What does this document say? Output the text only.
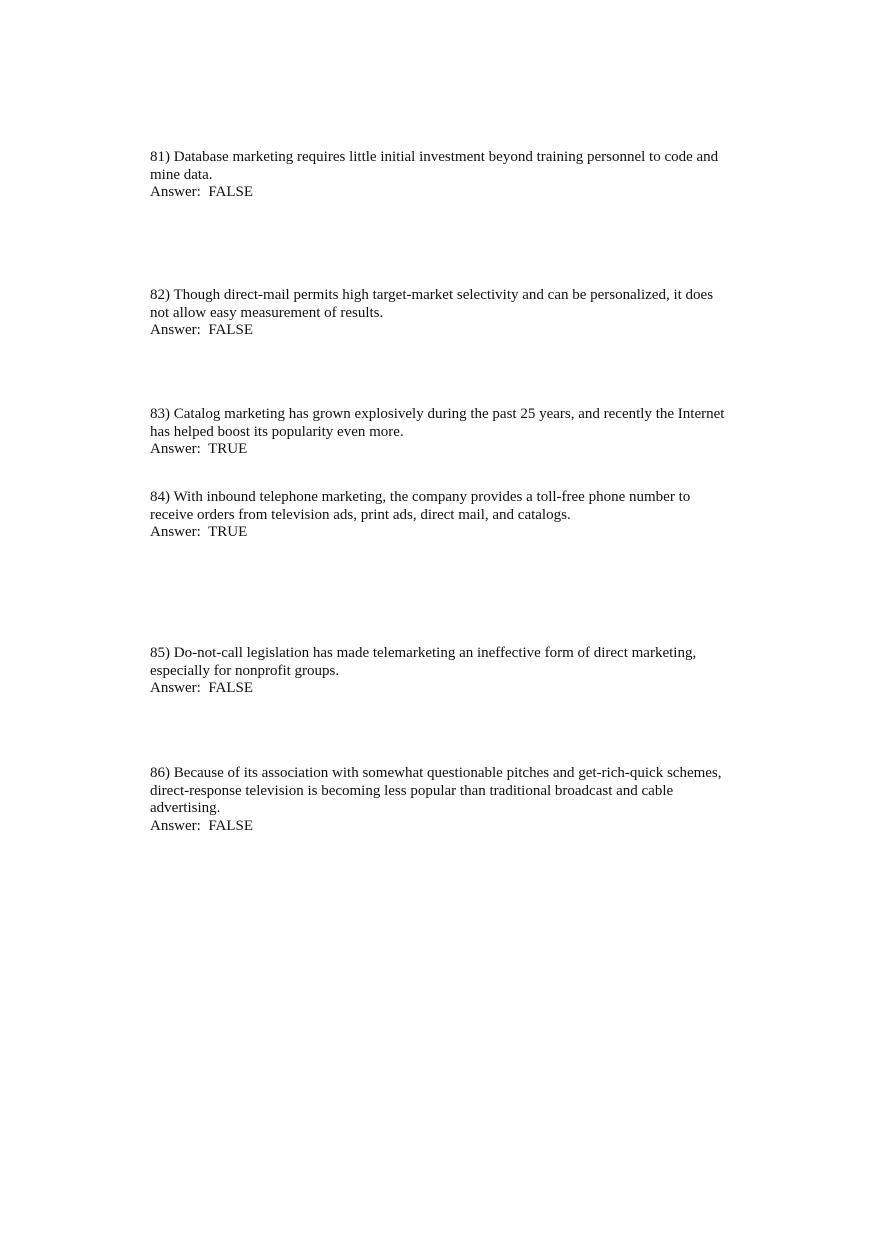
81) Database marketing requires little initial investment beyond training personnel to code and mine data.

Answer: FALSE

82) Though direct-mail permits high target-market selectivity and can be personalized, it does not allow easy measurement of results.

Answer: FALSE

83) Catalog marketing has grown explosively during the past 25 years, and recently the Internet has helped boost its popularity even more.

Answer: TRUE

84) With inbound telephone marketing, the company provides a toll-free phone number to receive orders from television ads, print ads, direct mail, and catalogs.

Answer: TRUE

85) Do-not-call legislation has made telemarketing an ineffective form of direct marketing, especially for nonprofit groups.

Answer: FALSE

86) Because of its association with somewhat questionable pitches and get-rich-quick schemes, direct-response television is becoming less popular than traditional broadcast and cable advertising.

Answer: FALSE
